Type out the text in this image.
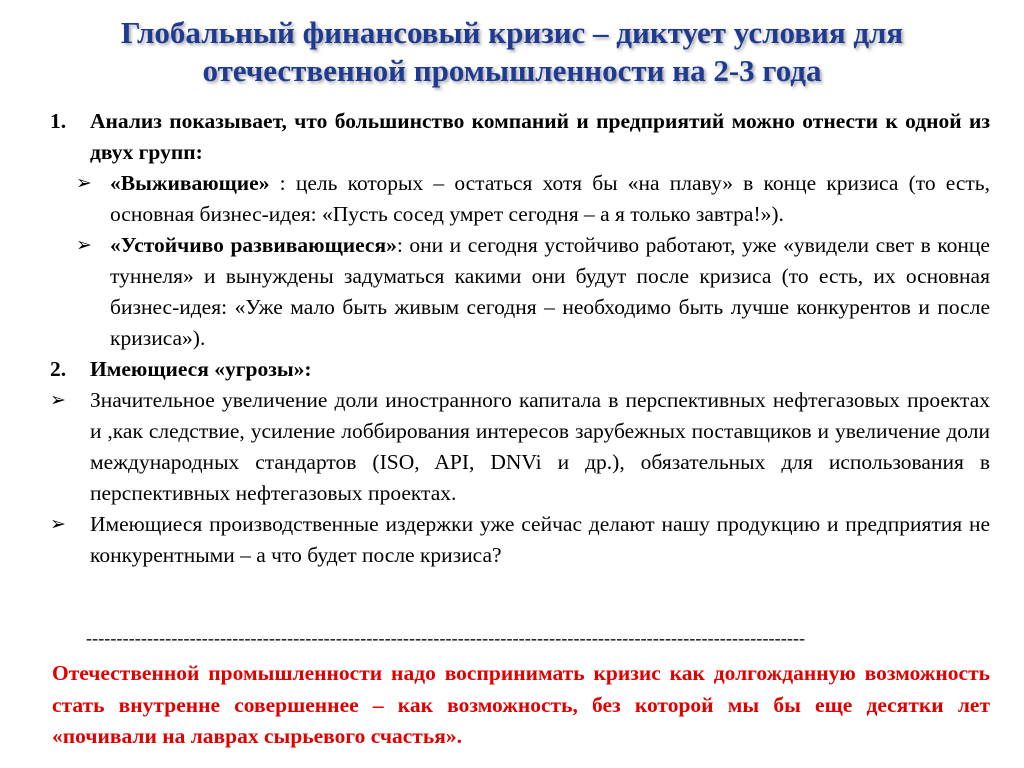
Глобальный финансовый кризис – диктует условия для отечественной промышленности на 2-3 года
1. Анализ показывает, что большинство компаний и предприятий можно отнести к одной из двух групп:
➢ «Выживающие» : цель которых – остаться хотя бы «на плаву» в конце кризиса (то есть, основная бизнес-идея: «Пусть сосед умрет сегодня – а я только завтра!»).
➢ «Устойчиво развивающиеся»: они и сегодня устойчиво работают, уже «увидели свет в конце туннеля» и вынуждены задуматься какими они будут после кризиса (то есть, их основная бизнес-идея: «Уже мало быть живым сегодня – необходимо быть лучше конкурентов и после кризиса»).
2. Имеющиеся «угрозы»:
➢ Значительное увеличение доли иностранного капитала в перспективных нефтегазовых проектах и ,как следствие, усиление лоббирования интересов зарубежных поставщиков и увеличение доли международных стандартов (ISO, API, DNVi и др.), обязательных для использования в перспективных нефтегазовых проектах.
➢ Имеющиеся производственные издержки уже сейчас делают нашу продукцию и предприятия не конкурентными – а что будет после кризиса?
----------------------------------------------------------------------------------------------------------------------
Отечественной промышленности надо воспринимать кризис как долгожданную возможность стать внутренне совершеннее – как возможность, без которой мы бы еще десятки лет «почивали на лаврах сырьевого счастья».
